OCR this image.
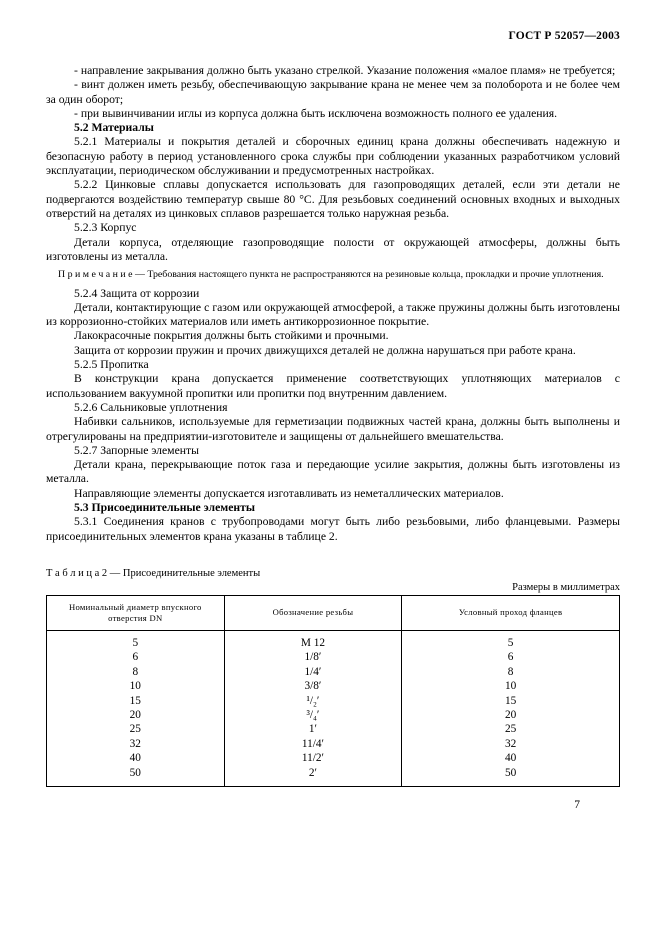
ГОСТ Р 52057—2003

- направление закрывания должно быть указано стрелкой. Указание положения «малое пламя» не требуется;

- винт должен иметь резьбу, обеспечивающую закрывание крана не менее чем за полоборота и не более чем за один оборот;

- при вывинчивании иглы из корпуса должна быть исключена возможность полного ее удаления.

5.2 Материалы

5.2.1 Материалы и покрытия деталей и сборочных единиц крана должны обеспечивать надежную и безопасную работу в период установленного срока службы при соблюдении указанных разработчиком условий эксплуатации, периодическом обслуживании и предусмотренных настройках.

5.2.2 Цинковые сплавы допускается использовать для газопроводящих деталей, если эти детали не подвергаются воздействию температур свыше 80 °С. Для резьбовых соединений основных входных и выходных отверстий на деталях из цинковых сплавов разрешается только наружная резьба.

5.2.3 Корпус

Детали корпуса, отделяющие газопроводящие полости от окружающей атмосферы, должны быть изготовлены из металла.

П р и м е ч а н и е — Требования настоящего пункта не распространяются на резиновые кольца, прокладки и прочие уплотнения.

5.2.4 Защита от коррозии

Детали, контактирующие с газом или окружающей атмосферой, а также пружины должны быть изготовлены из коррозионно-стойких материалов или иметь антикоррозионное покрытие.

Лакокрасочные покрытия должны быть стойкими и прочными.

Защита от коррозии пружин и прочих движущихся деталей не должна нарушаться при работе крана.

5.2.5 Пропитка

В конструкции крана допускается применение соответствующих уплотняющих материалов с использованием вакуумной пропитки или пропитки под внутренним давлением.

5.2.6 Сальниковые уплотнения

Набивки сальников, используемые для герметизации подвижных частей крана, должны быть выполнены и отрегулированы на предприятии-изготовителе и защищены от дальнейшего вмешательства.

5.2.7 Запорные элементы

Детали крана, перекрывающие поток газа и передающие усилие закрытия, должны быть изготовлены из металла.

Направляющие элементы допускается изготавливать из неметаллических материалов.

5.3 Присоединительные элементы

5.3.1 Соединения кранов с трубопроводами могут быть либо резьбовыми, либо фланцевыми. Размеры присоединительных элементов крана указаны в таблице 2.

Т а б л и ц а 2 — Присоединительные элементы

Размеры в миллиметрах

Номинальный диаметр впускного отверстия DN	Обозначение резьбы	Условный проход фланцев
5	М 12	5
6	1/8′	6
8	1/4′	8
10	3/8′	10
15	¹/₂′	15
20	³/₄′	20
25	1′	25
32	11/4′	32
40	11/2′	40
50	2′	50
7
